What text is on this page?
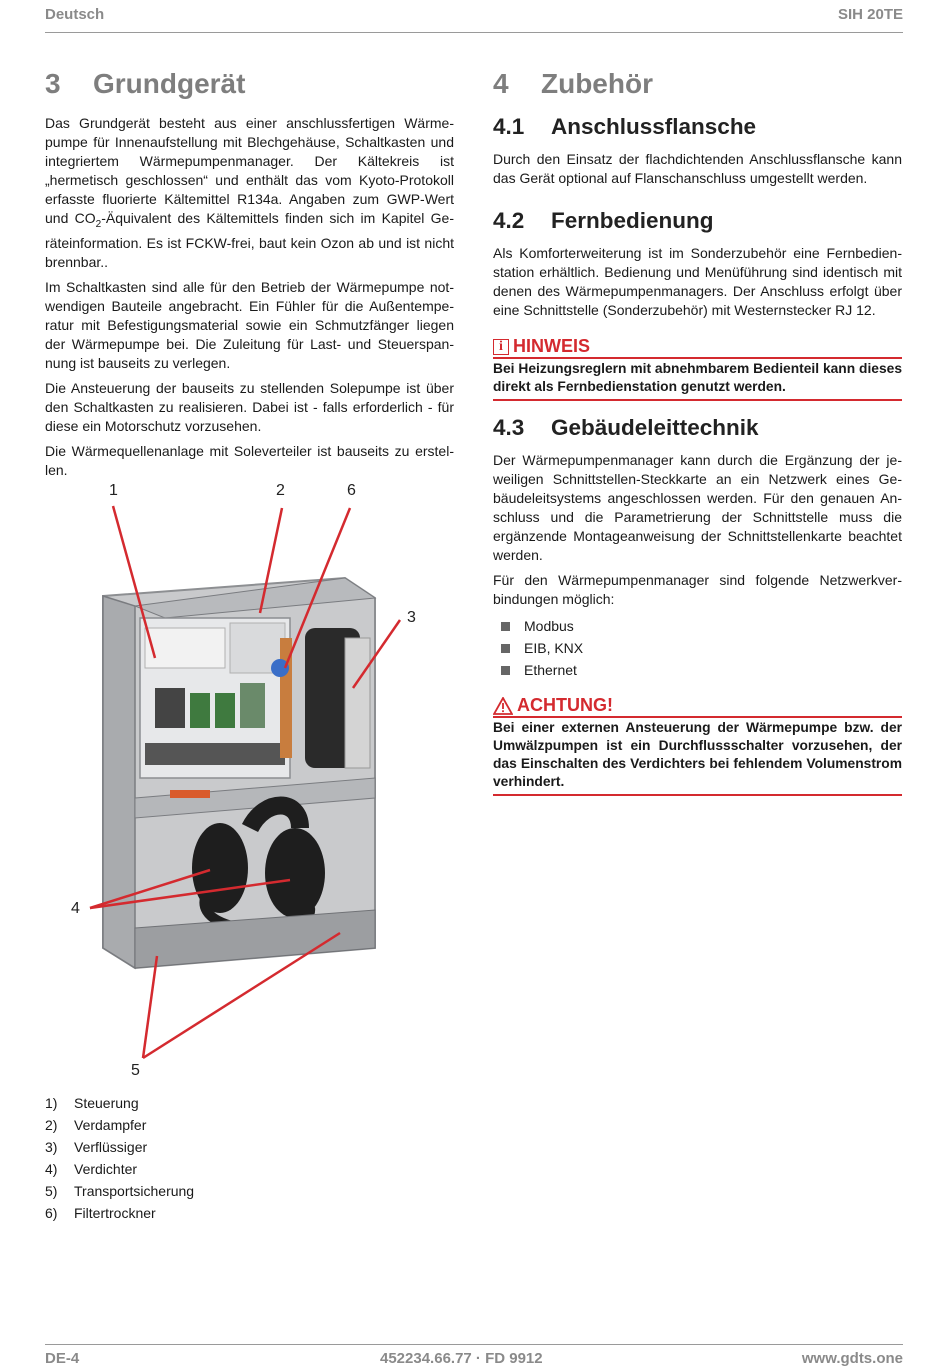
Deutsch	SIH 20TE
3 Grundgerät

Das Grundgerät besteht aus einer anschlussfertigen Wärmepumpe für Innenaufstellung mit Blechgehäuse, Schaltkasten und integriertem Wärmepumpenmanager. Der Kältekreis ist „hermetisch geschlossen“ und enthält das vom Kyoto-Protokoll erfasste fluorierte Kältemittel R134a. Angaben zum GWP-Wert und $CO_2$-Äquivalent des Kältemittels finden sich im Kapitel Geräteinformation. Es ist FCKW-frei, baut kein Ozon ab und ist nicht brennbar..

Im Schaltkasten sind alle für den Betrieb der Wärmepumpe notwendigen Bauteile angebracht. Ein Fühler für die Außentemperatur mit Befestigungsmaterial sowie ein Schmutzfänger liegen der Wärmepumpe bei. Die Zuleitung für Last- und Steuerspannung ist bauseits zu verlegen.

Die Ansteuerung der bauseits zu stellenden Solepumpe ist über den Schaltkasten zu realisieren. Dabei ist - falls erforderlich - für diese ein Motorschutz vorzusehen.

Die Wärmequellenanlage mit Soleverteiler ist bauseits zu erstellen.

1	2	6
3
4
5
1)	Steuerung
2)	Verdampfer
3)	Verflüssiger
4)	Verdichter
5)	Transportsicherung
6)	Filtertrockner
4 Zubehör
4.1 Anschlussflansche

Durch den Einsatz der flachdichtenden Anschlussflansche kann das Gerät optional auf Flanschanschluss umgestellt werden.

4.2 Fernbedienung

Als Komforterweiterung ist im Sonderzubehör eine Fernbedienstation erhältlich. Bedienung und Menüführung sind identisch mit denen des Wärmepumpenmanagers. Der Anschluss erfolgt über eine Schnittstelle (Sonderzubehör) mit Westernstecker RJ 12.

i HINWEIS
Bei Heizungsreglern mit abnehmbarem Bedienteil kann dieses direkt als Fernbedienstation genutzt werden.
4.3 Gebäudeleittechnik

Der Wärmepumpenmanager kann durch die Ergänzung der jeweiligen Schnittstellen-Steckkarte an ein Netzwerk eines Gebäudeleitsystems angeschlossen werden. Für den genauen Anschluss und die Parametrierung der Schnittstelle muss die ergänzende Montageanweisung der Schnittstellenkarte beachtet werden.

Für den Wärmepumpenmanager sind folgende Netzwerkverbindungen möglich:

Modbus
EIB, KNX
Ethernet
ACHTUNG!
Bei einer externen Ansteuerung der Wärmepumpe bzw. der Umwälzpumpen ist ein Durchflussschalter vorzusehen, der das Einschalten des Verdichters bei fehlendem Volumenstrom verhindert.
DE-4	452234.66.77 · FD 9912	www.gdts.one
